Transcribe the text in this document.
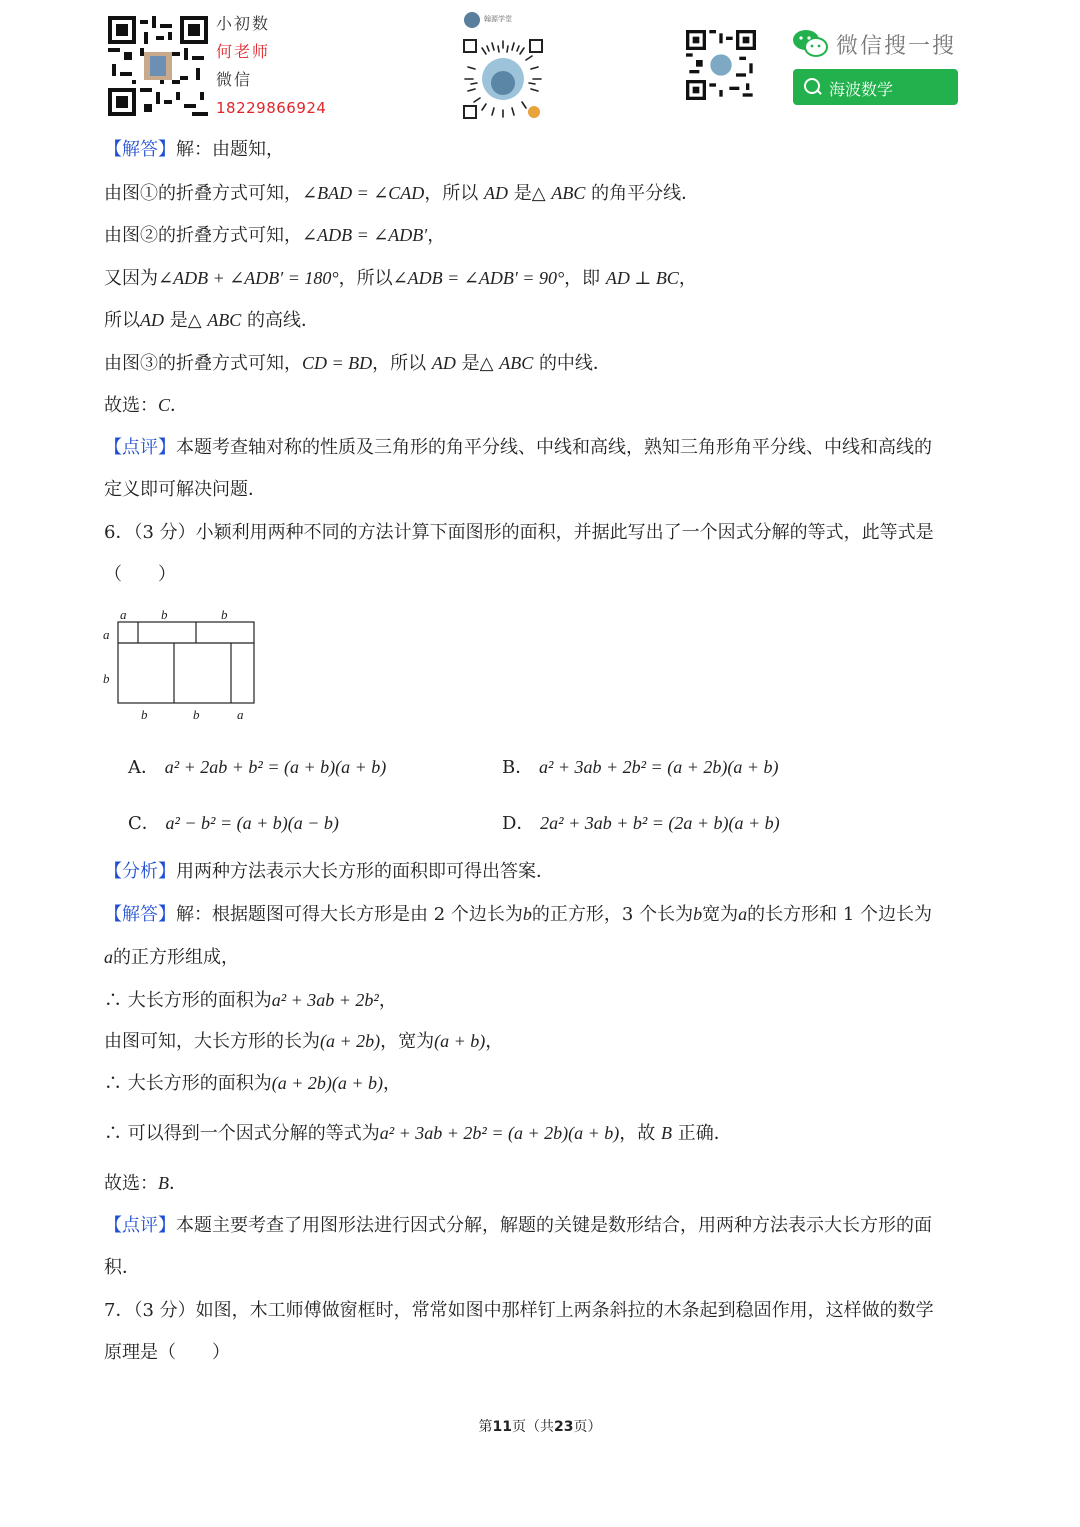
小初数
何老师
微信
18229866924
翰源学堂
微信搜一搜
海波数学
【解答】解：由题知，
由图①的折叠方式可知，∠BAD = ∠CAD，所以 AD 是△ ABC 的角平分线．
由图②的折叠方式可知，∠ADB = ∠ADB′，
又因为∠ADB + ∠ADB′ = 180°，所以∠ADB = ∠ADB′ = 90°，即 AD ⊥ BC，
所以AD 是△ ABC 的高线．
由图③的折叠方式可知，CD = BD，所以 AD 是△ ABC 的中线．
故选：C．
【点评】本题考查轴对称的性质及三角形的角平分线、中线和高线，熟知三角形角平分线、中线和高线的
定义即可解决问题．
6．（3 分）小颖利用两种不同的方法计算下面图形的面积，并据此写出了一个因式分解的等式，此等式是
（　　）
a	b	b
a
b
b	b	a
A． a² + 2ab + b² = (a + b)(a + b)	B． a² + 3ab + 2b² = (a + 2b)(a + b)
C． a² − b² = (a + b)(a − b)	D． 2a² + 3ab + b² = (2a + b)(a + b)
【分析】用两种方法表示大长方形的面积即可得出答案．
【解答】解：根据题图可得大长方形是由 2 个边长为b的正方形，3 个长为b宽为a的长方形和 1 个边长为
a的正方形组成，
∴ 大长方形的面积为a² + 3ab + 2b²，
由图可知，大长方形的长为(a + 2b)，宽为(a + b)，
∴ 大长方形的面积为(a + 2b)(a + b)，
∴ 可以得到一个因式分解的等式为a² + 3ab + 2b² = (a + 2b)(a + b)，故 B 正确．
故选：B．
【点评】本题主要考查了用图形法进行因式分解，解题的关键是数形结合，用两种方法表示大长方形的面
积．
7．（3 分）如图，木工师傅做窗框时，常常如图中那样钉上两条斜拉的木条起到稳固作用，这样做的数学
原理是（　　）
第11页（共23页）
